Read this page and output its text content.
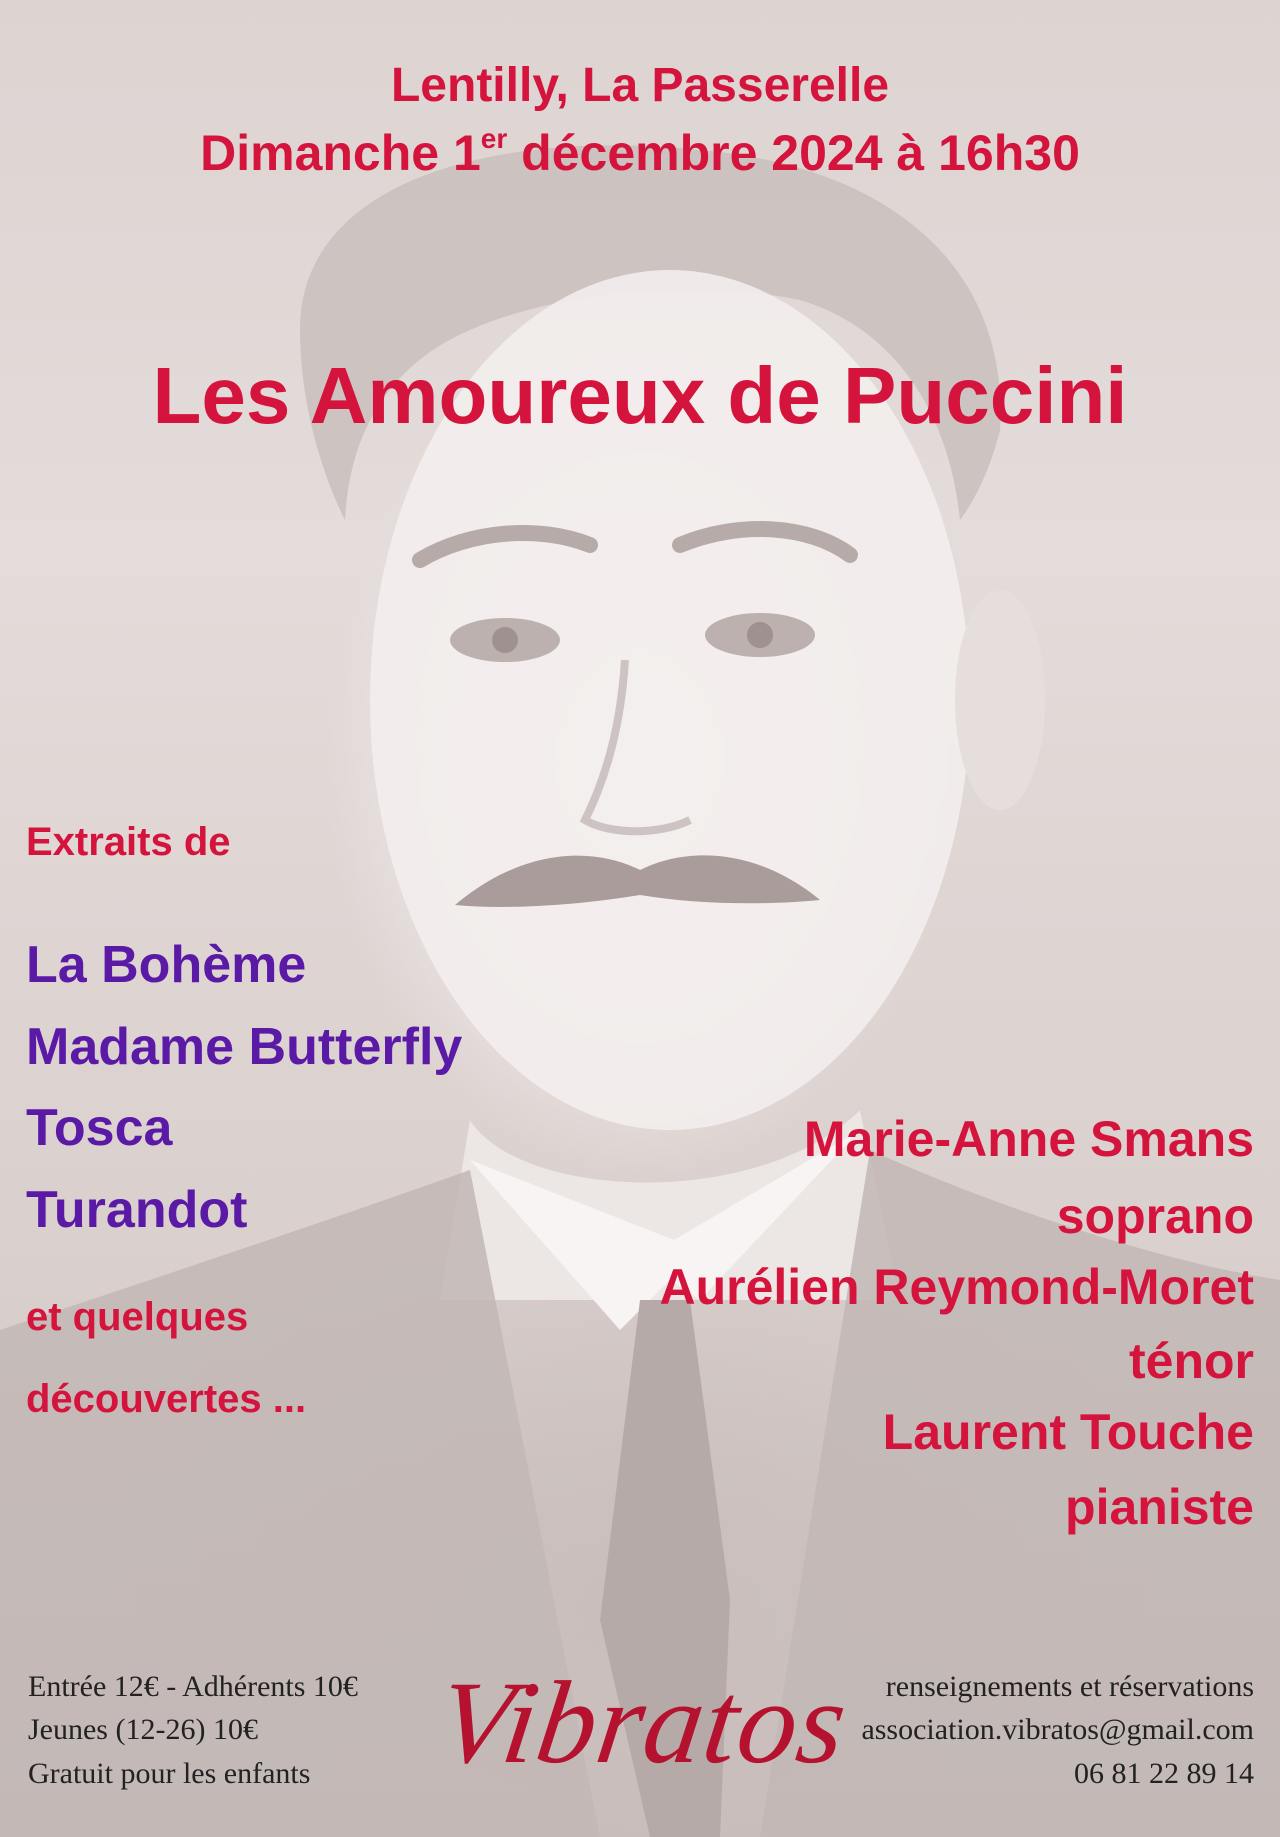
Lentilly, La Passerelle

Dimanche 1er décembre 2024 à 16h30

Les Amoureux de Puccini

Extraits de

La Bohème

Madame Butterfly

Tosca

Turandot

et quelques

découvertes ...

Marie-Anne Smans

soprano

Aurélien Reymond-Moret

ténor

Laurent Touche

pianiste

Entrée 12€ - Adhérents 10€

Jeunes (12-26) 10€

Gratuit pour les enfants Vibratos renseignements et réservations

association.vibratos@gmail.com

06 81 22 89 14
